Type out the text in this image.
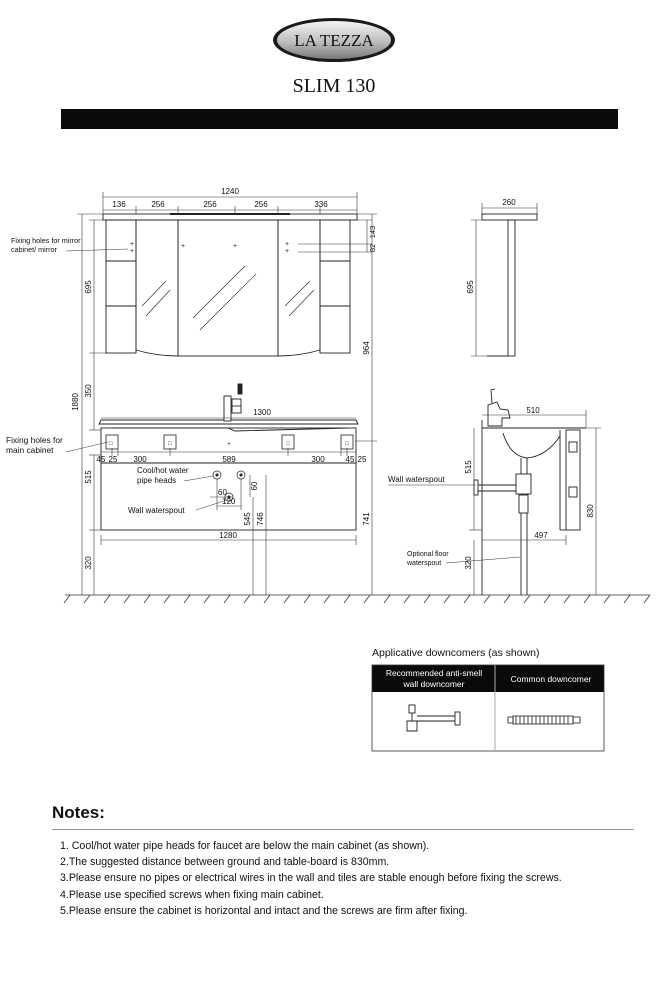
LA TEZZA
SLIM 130
+
+
+	+	+
+
1240
136	256	256	256	336
Fixing holes for mirror
cabinet/ mirror
143
82
695
350
1880
515
320
964
741
1300
□	□	□	□
+
Fixing holes for
main cabinet
45 25 300	589	300	45 25
Cool/hot water
pipe heads
60
120
60
Wall waterspout
545 746
1280
260
695
Wall waterspout
Optional floor
waterspout
510
515
830
497
320
Applicative downcomers (as shown)
Recommended anti-smell
wall downcomer	Common downcomer
Notes:
1. Cool/hot water pipe heads for faucet are below the main cabinet (as shown).
2.The suggested distance between ground and table-board is 830mm.
3.Please ensure no pipes or electrical wires in the wall and tiles are stable enough before fixing the screws.
4.Please use specified screws when fixing main cabinet.
5.Please ensure the cabinet is horizontal and intact and the screws are firm after fixing.
